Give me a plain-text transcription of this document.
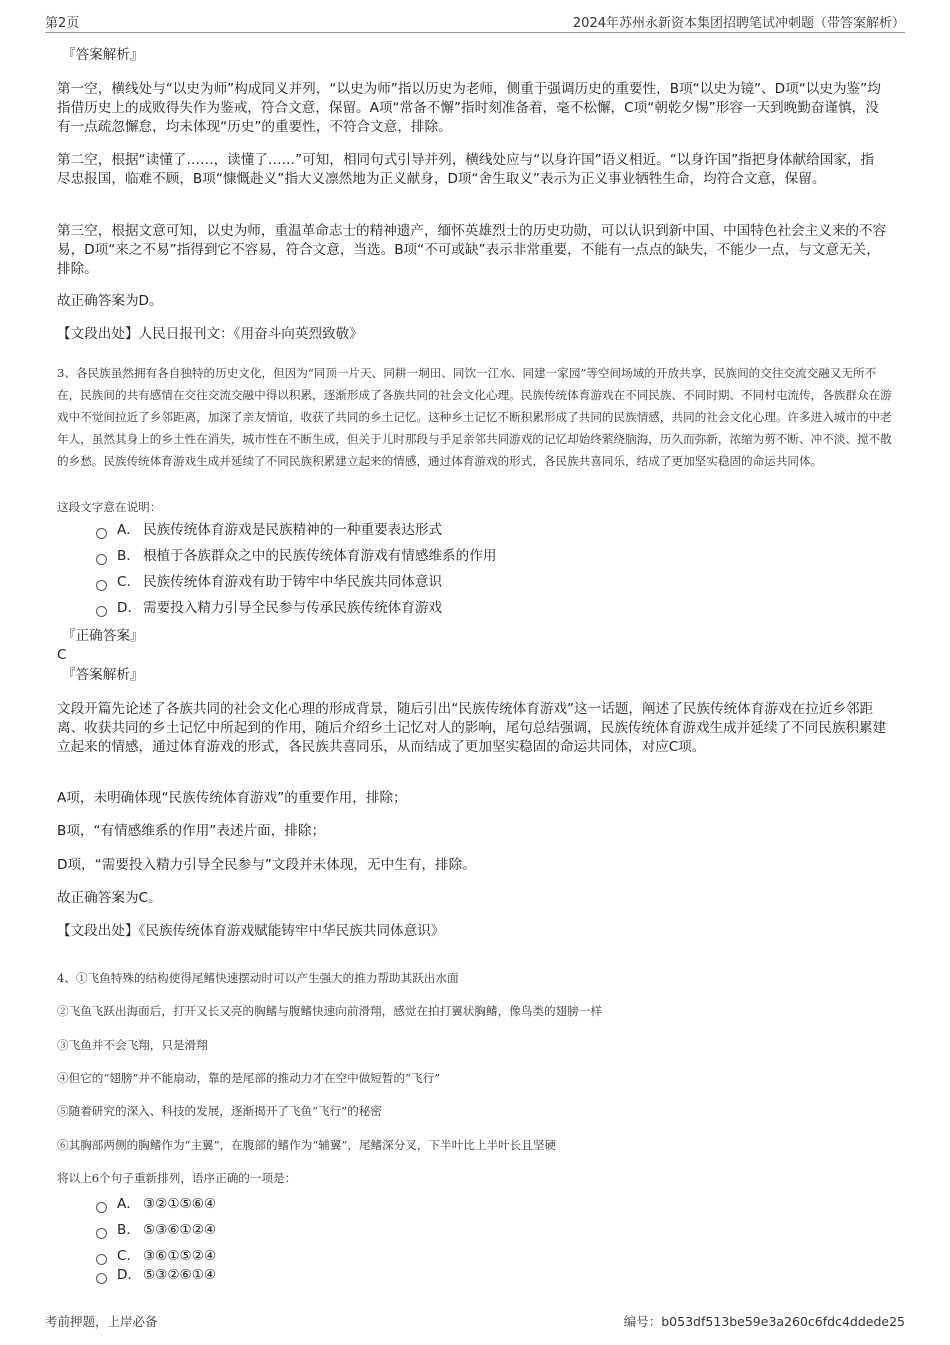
第2页	2024年苏州永新资本集团招聘笔试冲刺题（带答案解析）
『答案解析』

第一空，横线处与“以史为师”构成同义并列，“以史为师”指以历史为老师，侧重于强调历史的重要性，B项“以史为镜”、D项“以史为鉴”均指借历史上的成败得失作为鉴戒，符合文意，保留。A项“常备不懈”指时刻准备着，毫不松懈，C项“朝乾夕惕”形容一天到晚勤奋谨慎，没有一点疏忽懈怠，均未体现“历史”的重要性，不符合文意，排除。

第二空，根据“读懂了……，读懂了……”可知，相同句式引导并列，横线处应与“以身许国”语义相近。“以身许国”指把身体献给国家，指尽忠报国，临难不顾，B项“慷慨赴义”指大义凛然地为正义献身，D项“舍生取义”表示为正义事业牺牲生命，均符合文意，保留。

第三空，根据文意可知，以史为师，重温革命志士的精神遗产，缅怀英雄烈士的历史功勋，可以认识到新中国、中国特色社会主义来的不容易，D项“来之不易”指得到它不容易，符合文意，当选。B项“不可或缺”表示非常重要，不能有一点点的缺失，不能少一点，与文意无关，排除。

故正确答案为D。

【文段出处】人民日报刊文：《用奋斗向英烈致敬》

3、各民族虽然拥有各自独特的历史文化，但因为“同顶一片天、同耕一垌田、同饮一江水、同建一家园”等空间场域的开放共享，民族间的交往交流交融又无所不在，民族间的共有感情在交往交流交融中得以积累，逐渐形成了各族共同的社会文化心理。民族传统体育游戏在不同民族、不同时期、不同村屯流传，各族群众在游戏中不觉间拉近了乡邻距离，加深了亲友情谊，收获了共同的乡土记忆。这种乡土记忆不断积累形成了共同的民族情感，共同的社会文化心理。许多进入城市的中老年人，虽然其身上的乡土性在消失，城市性在不断生成，但关于儿时那段与手足亲邻共同游戏的记忆却始终萦绕脑海，历久而弥新，浓缩为剪不断、冲不淡、搅不散的乡愁。民族传统体育游戏生成并延续了不同民族积累建立起来的情感，通过体育游戏的形式，各民族共喜同乐，结成了更加坚实稳固的命运共同体。

这段文字意在说明：

A． 民族传统体育游戏是民族精神的一种重要表达形式
B． 根植于各族群众之中的民族传统体育游戏有情感维系的作用
C． 民族传统体育游戏有助于铸牢中华民族共同体意识
D． 需要投入精力引导全民参与传承民族传统体育游戏
『正确答案』
C
『答案解析』

文段开篇先论述了各族共同的社会文化心理的形成背景，随后引出“民族传统体育游戏”这一话题，阐述了民族传统体育游戏在拉近乡邻距离、收获共同的乡土记忆中所起到的作用，随后介绍乡土记忆对人的影响，尾句总结强调，民族传统体育游戏生成并延续了不同民族积累建立起来的情感，通过体育游戏的形式，各民族共喜同乐，从而结成了更加坚实稳固的命运共同体，对应C项。

A项，未明确体现“民族传统体育游戏”的重要作用，排除；

B项，“有情感维系的作用”表述片面，排除；

D项，“需要投入精力引导全民参与”文段并未体现，无中生有，排除。

故正确答案为C。

【文段出处】《民族传统体育游戏赋能铸牢中华民族共同体意识》

4、①飞鱼特殊的结构使得尾鳍快速摆动时可以产生强大的推力帮助其跃出水面

②飞鱼飞跃出海面后，打开又长又亮的胸鳍与腹鳍快速向前滑翔，感觉在拍打翼状胸鳍，像鸟类的翅膀一样

③飞鱼并不会飞翔，只是滑翔

④但它的“翅膀”并不能扇动，靠的是尾部的推动力才在空中做短暂的“飞行”

⑤随着研究的深入、科技的发展，逐渐揭开了飞鱼“飞行”的秘密

⑥其胸部两侧的胸鳍作为“主翼”，在腹部的鳍作为“辅翼”，尾鳍深分叉，下半叶比上半叶长且坚硬

将以上6个句子重新排列，语序正确的一项是：

A． ③②①⑤⑥④
B． ⑤③⑥①②④
C． ③⑥①⑤②④
D． ⑤③②⑥①④
考前押题，上岸必备	编号：b053df513be59e3a260c6fdc4ddede25
